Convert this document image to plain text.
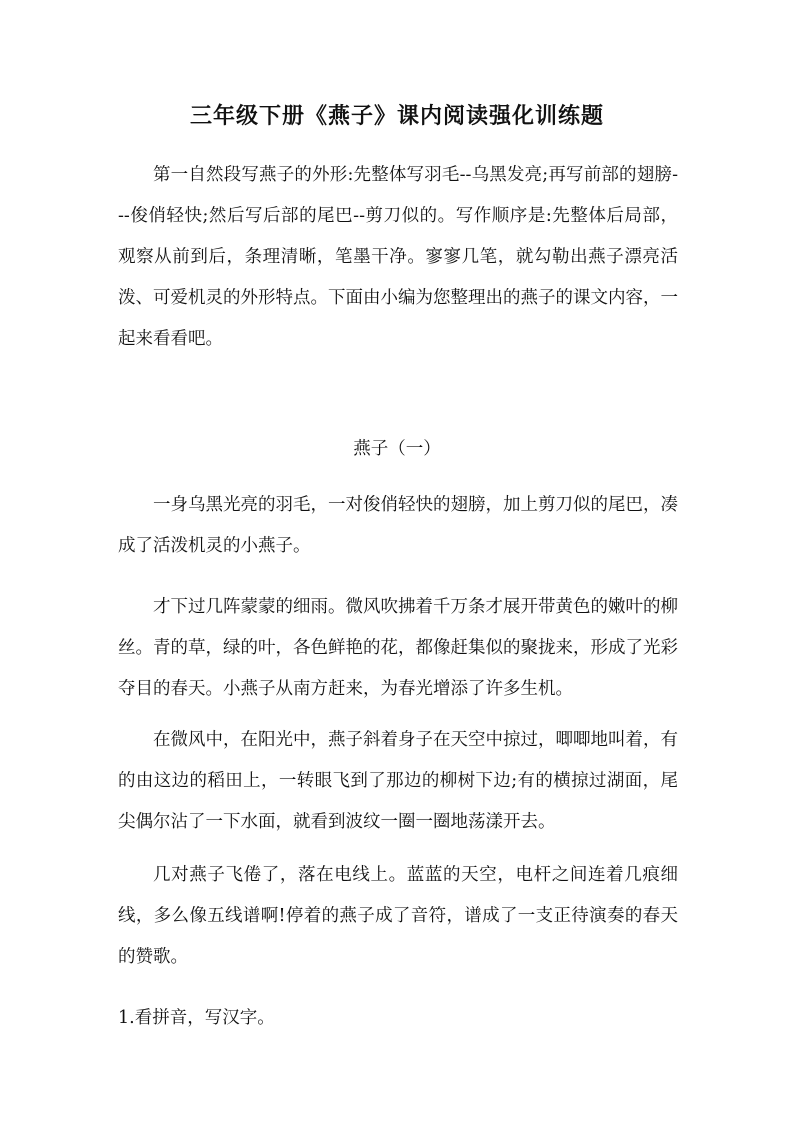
三年级下册《燕子》课内阅读强化训练题
第一自然段写燕子的外形:先整体写羽毛--乌黑发亮;再写前部的翅膀---俊俏轻快;然后写后部的尾巴--剪刀似的。写作顺序是:先整体后局部，观察从前到后，条理清晰，笔墨干净。寥寥几笔，就勾勒出燕子漂亮活泼、可爱机灵的外形特点。下面由小编为您整理出的燕子的课文内容，一起来看看吧。
燕子（一）
一身乌黑光亮的羽毛，一对俊俏轻快的翅膀，加上剪刀似的尾巴，凑成了活泼机灵的小燕子。
才下过几阵蒙蒙的细雨。微风吹拂着千万条才展开带黄色的嫩叶的柳丝。青的草，绿的叶，各色鲜艳的花，都像赶集似的聚拢来，形成了光彩夺目的春天。小燕子从南方赶来，为春光增添了许多生机。
在微风中，在阳光中，燕子斜着身子在天空中掠过，唧唧地叫着，有的由这边的稻田上，一转眼飞到了那边的柳树下边;有的横掠过湖面，尾尖偶尔沾了一下水面，就看到波纹一圈一圈地荡漾开去。
几对燕子飞倦了，落在电线上。蓝蓝的天空，电杆之间连着几痕细线，多么像五线谱啊!停着的燕子成了音符，谱成了一支正待演奏的春天的赞歌。
1.看拼音，写汉字。
